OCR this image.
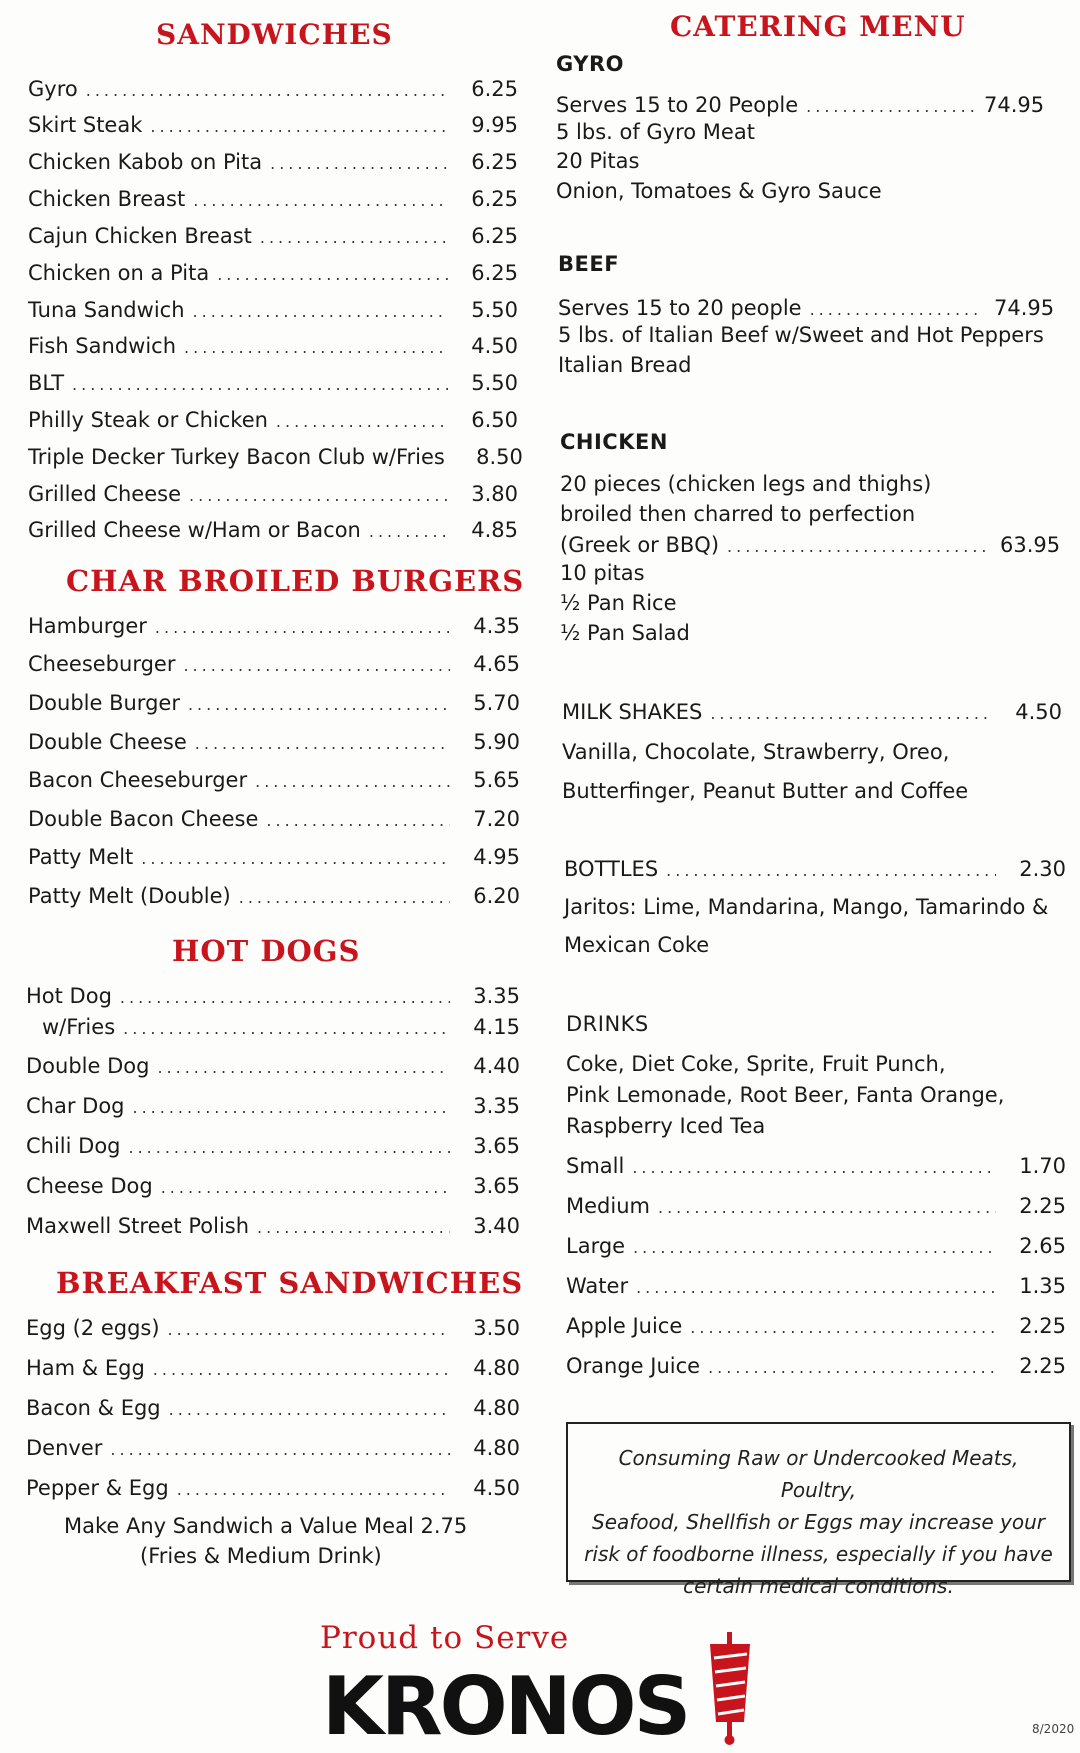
SANDWICHES
Gyro .....	6.25
Skirt Steak .....	9.95
Chicken Kabob on Pita .....	6.25
Chicken Breast .....	6.25
Cajun Chicken Breast .....	6.25
Chicken on a Pita .....	6.25
Tuna Sandwich .....	5.50
Fish Sandwich .....	4.50
BLT .....	5.50
Philly Steak or Chicken .....	6.50
Triple Decker Turkey Bacon Club w/Fries	8.50
Grilled Cheese .....	3.80
Grilled Cheese w/Ham or Bacon .....	4.85
CHAR BROILED BURGERS
Hamburger .....	4.35
Cheeseburger .....	4.65
Double Burger .....	5.70
Double Cheese .....	5.90
Bacon Cheeseburger .....	5.65
Double Bacon Cheese .....	7.20
Patty Melt .....	4.95
Patty Melt (Double) .....	6.20
HOT DOGS
Hot Dog .....	3.35
w/Fries .....	4.15
Double Dog .....	4.40
Char Dog .....	3.35
Chili Dog .....	3.65
Cheese Dog .....	3.65
Maxwell Street Polish .....	3.40
BREAKFAST SANDWICHES
Egg (2 eggs) .....	3.50
Ham & Egg .....	4.80
Bacon & Egg .....	4.80
Denver .....	4.80
Pepper & Egg .....	4.50
Make Any Sandwich a Value Meal 2.75
(Fries & Medium Drink)
CATERING MENU
GYRO
Serves 15 to 20 People .....	74.95
5 lbs. of Gyro Meat
20 Pitas
Onion, Tomatoes & Gyro Sauce
BEEF
Serves 15 to 20 people .....	74.95
5 lbs. of Italian Beef w/Sweet and Hot Peppers
Italian Bread
CHICKEN
20 pieces (chicken legs and thighs)
broiled then charred to perfection
(Greek or BBQ) .....	63.95
10 pitas
½ Pan Rice
½ Pan Salad
MILK SHAKES .....	4.50
Vanilla, Chocolate, Strawberry, Oreo,
Butterfinger, Peanut Butter and Coffee
BOTTLES .....	2.30
Jaritos: Lime, Mandarina, Mango, Tamarindo &
Mexican Coke
DRINKS
Coke, Diet Coke, Sprite, Fruit Punch,
Pink Lemonade, Root Beer, Fanta Orange,
Raspberry Iced Tea
Small .....	1.70
Medium .....	2.25
Large .....	2.65
Water .....	1.35
Apple Juice .....	2.25
Orange Juice .....	2.25
Consuming Raw or Undercooked Meats, Poultry,
Seafood, Shellfish or Eggs may increase your
risk of foodborne illness, especially if you have
certain medical conditions.
Proud to Serve
KRONOS	8/2020
